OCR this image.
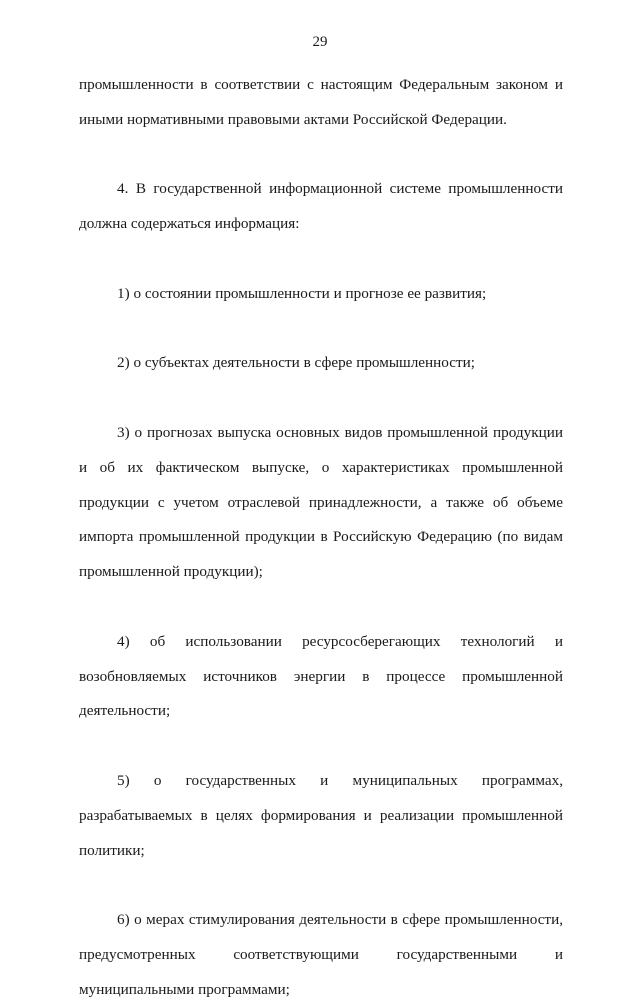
29

промышленности в соответствии с настоящим Федеральным законом и иными нормативными правовыми актами Российской Федерации.

4. В государственной информационной системе промышленности должна содержаться информация:

1) о состоянии промышленности и прогнозе ее развития;

2) о субъектах деятельности в сфере промышленности;

3) о прогнозах выпуска основных видов промышленной продукции и об их фактическом выпуске, о характеристиках промышленной продукции с учетом отраслевой принадлежности, а также об объеме импорта промышленной продукции в Российскую Федерацию (по видам промышленной продукции);

4) об использовании ресурсосберегающих технологий и возобновляемых источников энергии в процессе промышленной деятельности;

5) о государственных и муниципальных программах, разрабатываемых в целях формирования и реализации промышленной политики;

6) о мерах стимулирования деятельности в сфере промышленности, предусмотренных соответствующими государственными и муниципальными программами;
